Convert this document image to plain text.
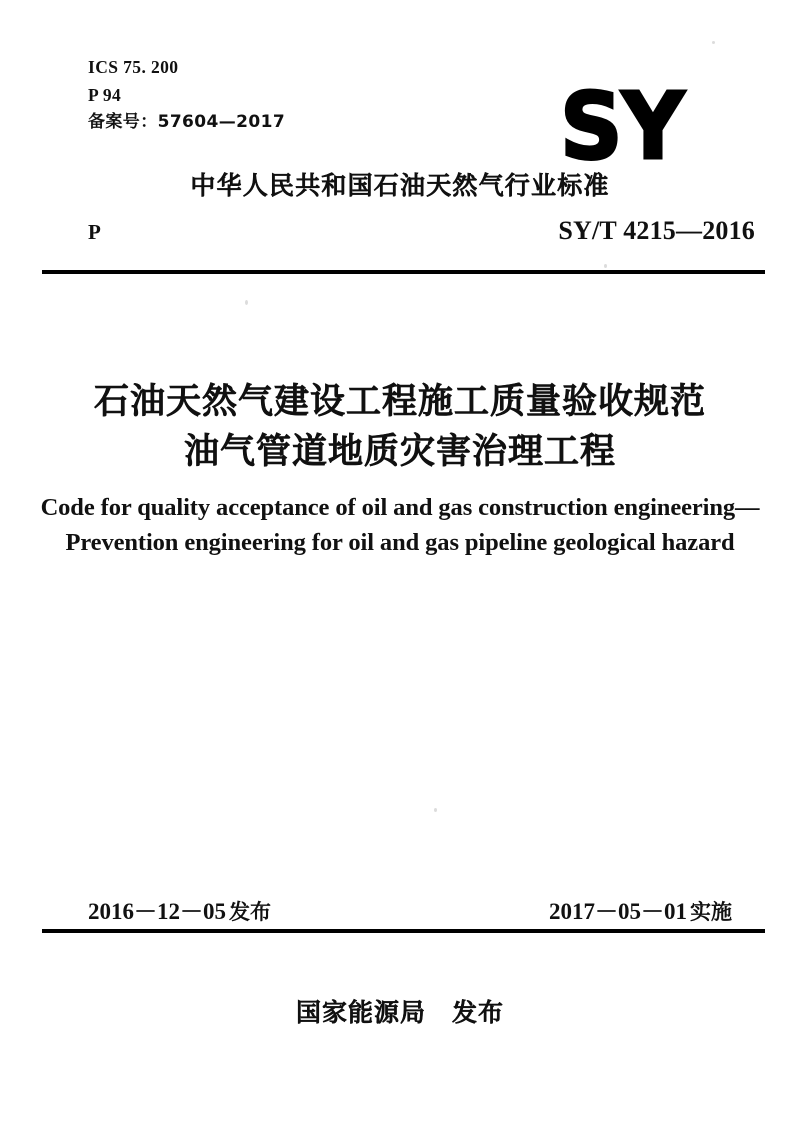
ICS 75. 200
P 94
备案号：57604—2017	SY
中华人民共和国石油天然气行业标准
P	SY/T 4215—2016
石油天然气建设工程施工质量验收规范
油气管道地质灾害治理工程
Code for quality acceptance of oil and gas construction engineering—
Prevention engineering for oil and gas pipeline geological hazard
2016－12－05 发布	2017－05－01 实施
国家能源局　发布
